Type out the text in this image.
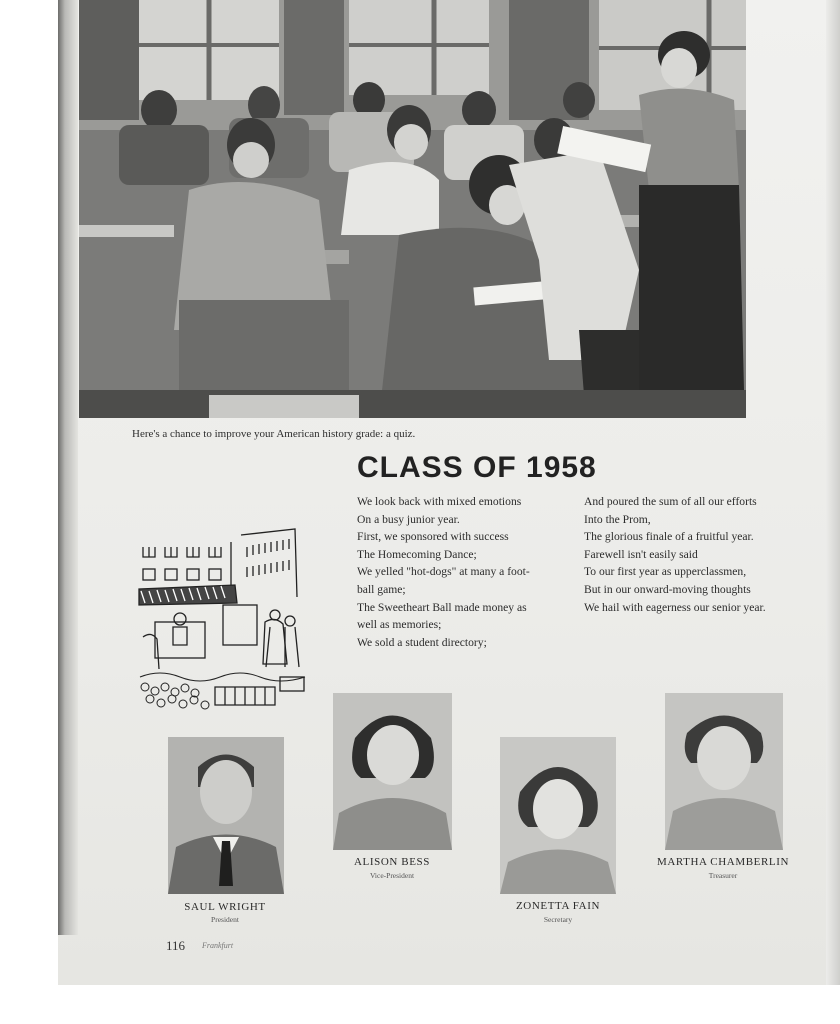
Here's a chance to improve your American history grade: a quiz.
CLASS OF 1958
We look back with mixed emotions
On a busy junior year.
First, we sponsored with success
The Homecoming Dance;
We yelled "hot-dogs" at many a foot-
ball game;
The Sweetheart Ball made money as
well as memories;
We sold a student directory;
And poured the sum of all our efforts
Into the Prom,
The glorious finale of a fruitful year.
Farewell isn't easily said
To our first year as upperclassmen,
But in our onward-moving thoughts
We hail with eagerness our senior year.
SAUL WRIGHT
President
ALISON BESS
Vice-President
ZONETTA FAIN
Secretary
MARTHA CHAMBERLIN
Treasurer
116 Frankfurt
